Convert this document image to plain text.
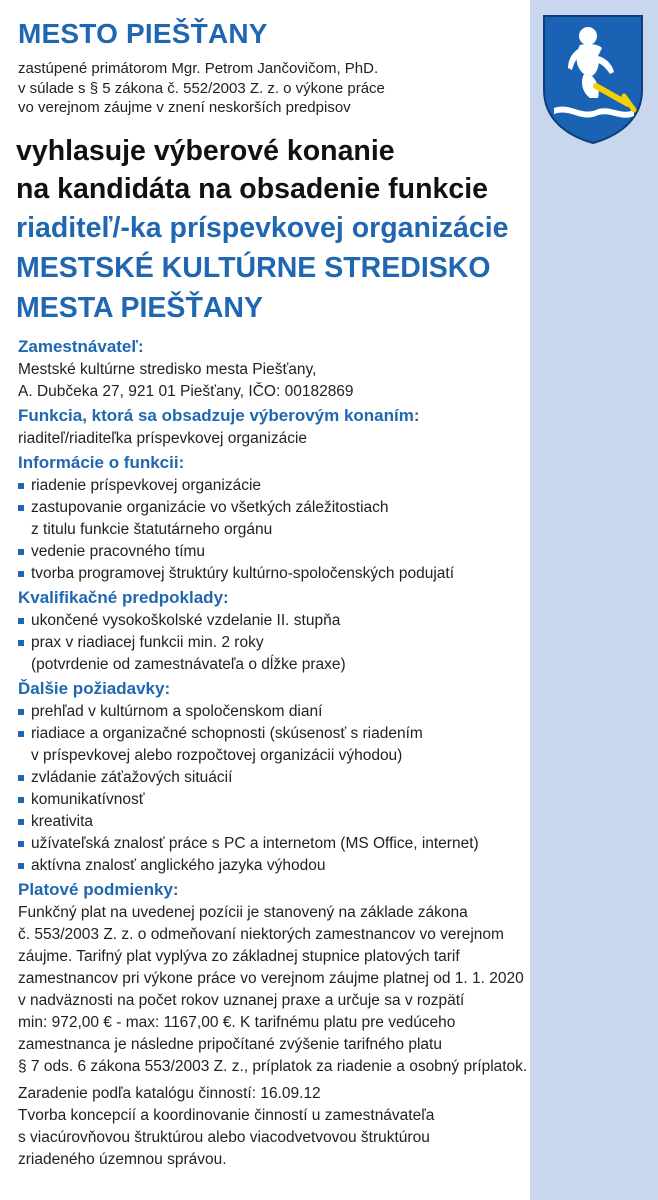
MESTO PIEŠŤANY
zastúpené primátorom Mgr. Petrom Jančovičom, PhD.
v súlade s § 5 zákona č. 552/2003 Z. z. o výkone práce
vo verejnom záujme v znení neskorších predpisov
vyhlasuje výberové konanie
na kandidáta na obsadenie funkcie
riaditeľ/-ka príspevkovej organizácie
MESTSKÉ KULTÚRNE STREDISKO
MESTA PIEŠŤANY
Zamestnávateľ:
Mestské kultúrne stredisko mesta Piešťany,
A. Dubčeka 27, 921 01 Piešťany, IČO: 00182869
Funkcia, ktorá sa obsadzuje výberovým konaním:
riaditeľ/riaditeľka príspevkovej organizácie
Informácie o funkcii:
riadenie príspevkovej organizácie
zastupovanie organizácie vo všetkých záležitostiach
z titulu funkcie štatutárneho orgánu
vedenie pracovného tímu
tvorba programovej štruktúry kultúrno-spoločenských podujatí
Kvalifikačné predpoklady:
ukončené vysokoškolské vzdelanie II. stupňa
prax v riadiacej funkcii min. 2 roky
(potvrdenie od zamestnávateľa o dĺžke praxe)
Ďalšie požiadavky:
prehľad v kultúrnom a spoločenskom dianí
riadiace a organizačné schopnosti (skúsenosť s riadením
v príspevkovej alebo rozpočtovej organizácii výhodou)
zvládanie záťažových situácií
komunikatívnosť
kreativita
užívateľská znalosť práce s PC a internetom (MS Office, internet)
aktívna znalosť anglického jazyka výhodou
Platové podmienky:
Funkčný plat na uvedenej pozícii je stanovený na základe zákona
č. 553/2003 Z. z. o odmeňovaní niektorých zamestnancov vo verejnom
záujme. Tarifný plat vyplýva zo základnej stupnice platových tarif
zamestnancov pri výkone práce vo verejnom záujme platnej od 1. 1. 2020
v nadväznosti na počet rokov uznanej praxe a určuje sa v rozpätí
min: 972,00 € - max: 1167,00 €. K tarifnému platu pre vedúceho
zamestnanca je následne pripočítané zvýšenie tarifného platu
§ 7 ods. 6 zákona 553/2003 Z. z., príplatok za riadenie a osobný príplatok.
Zaradenie podľa katalógu činností: 16.09.12
Tvorba koncepcií a koordinovanie činností u zamestnávateľa
s viacúrovňovou štruktúrou alebo viacodvetvovou štruktúrou
zriadeného územnou správou.
